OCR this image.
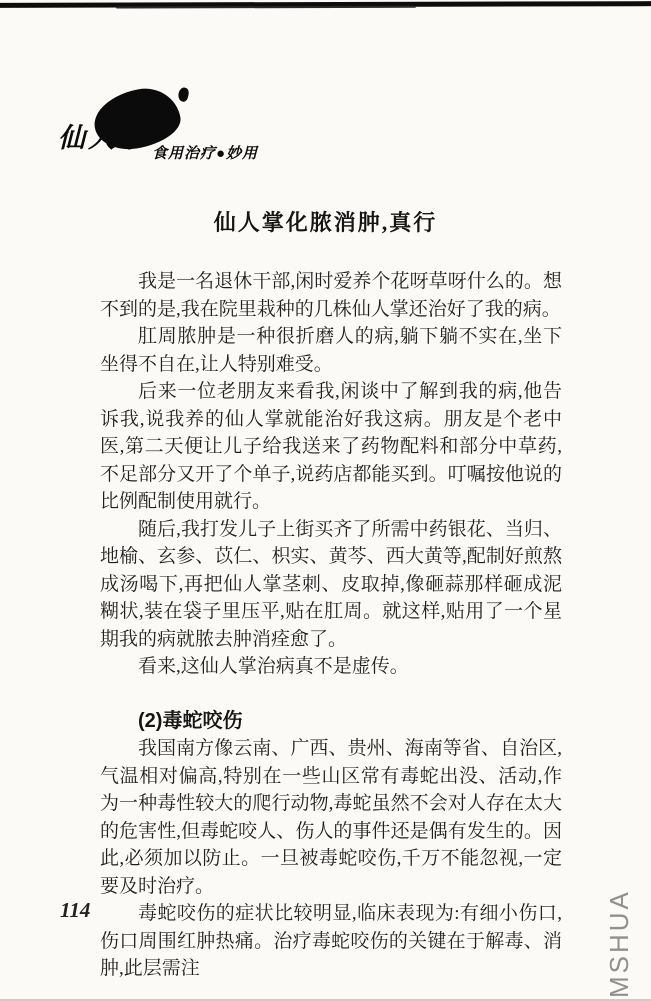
仙人掌
食用治疗●妙用
仙人掌化脓消肿,真行

我是一名退休干部,闲时爱养个花呀草呀什么的。想不到的是,我在院里栽种的几株仙人掌还治好了我的病。

肛周脓肿是一种很折磨人的病,躺下躺不实在,坐下坐得不自在,让人特别难受。

后来一位老朋友来看我,闲谈中了解到我的病,他告诉我,说我养的仙人掌就能治好我这病。朋友是个老中医,第二天便让儿子给我送来了药物配料和部分中草药,不足部分又开了个单子,说药店都能买到。叮嘱按他说的比例配制使用就行。

随后,我打发儿子上街买齐了所需中药银花、当归、地榆、玄参、苡仁、枳实、黄芩、西大黄等,配制好煎熬成汤喝下,再把仙人掌茎刺、皮取掉,像砸蒜那样砸成泥糊状,装在袋子里压平,贴在肛周。就这样,贴用了一个星期我的病就脓去肿消痊愈了。

看来,这仙人掌治病真不是虚传。

(2)毒蛇咬伤

我国南方像云南、广西、贵州、海南等省、自治区,气温相对偏高,特别在一些山区常有毒蛇出没、活动,作为一种毒性较大的爬行动物,毒蛇虽然不会对人存在太大的危害性,但毒蛇咬人、伤人的事件还是偶有发生的。因此,必须加以防止。一旦被毒蛇咬伤,千万不能忽视,一定要及时治疗。

毒蛇咬伤的症状比较明显,临床表现为:有细小伤口,伤口周围红肿热痛。治疗毒蛇咬伤的关键在于解毒、消肿,此层需注

114	MSHUA
